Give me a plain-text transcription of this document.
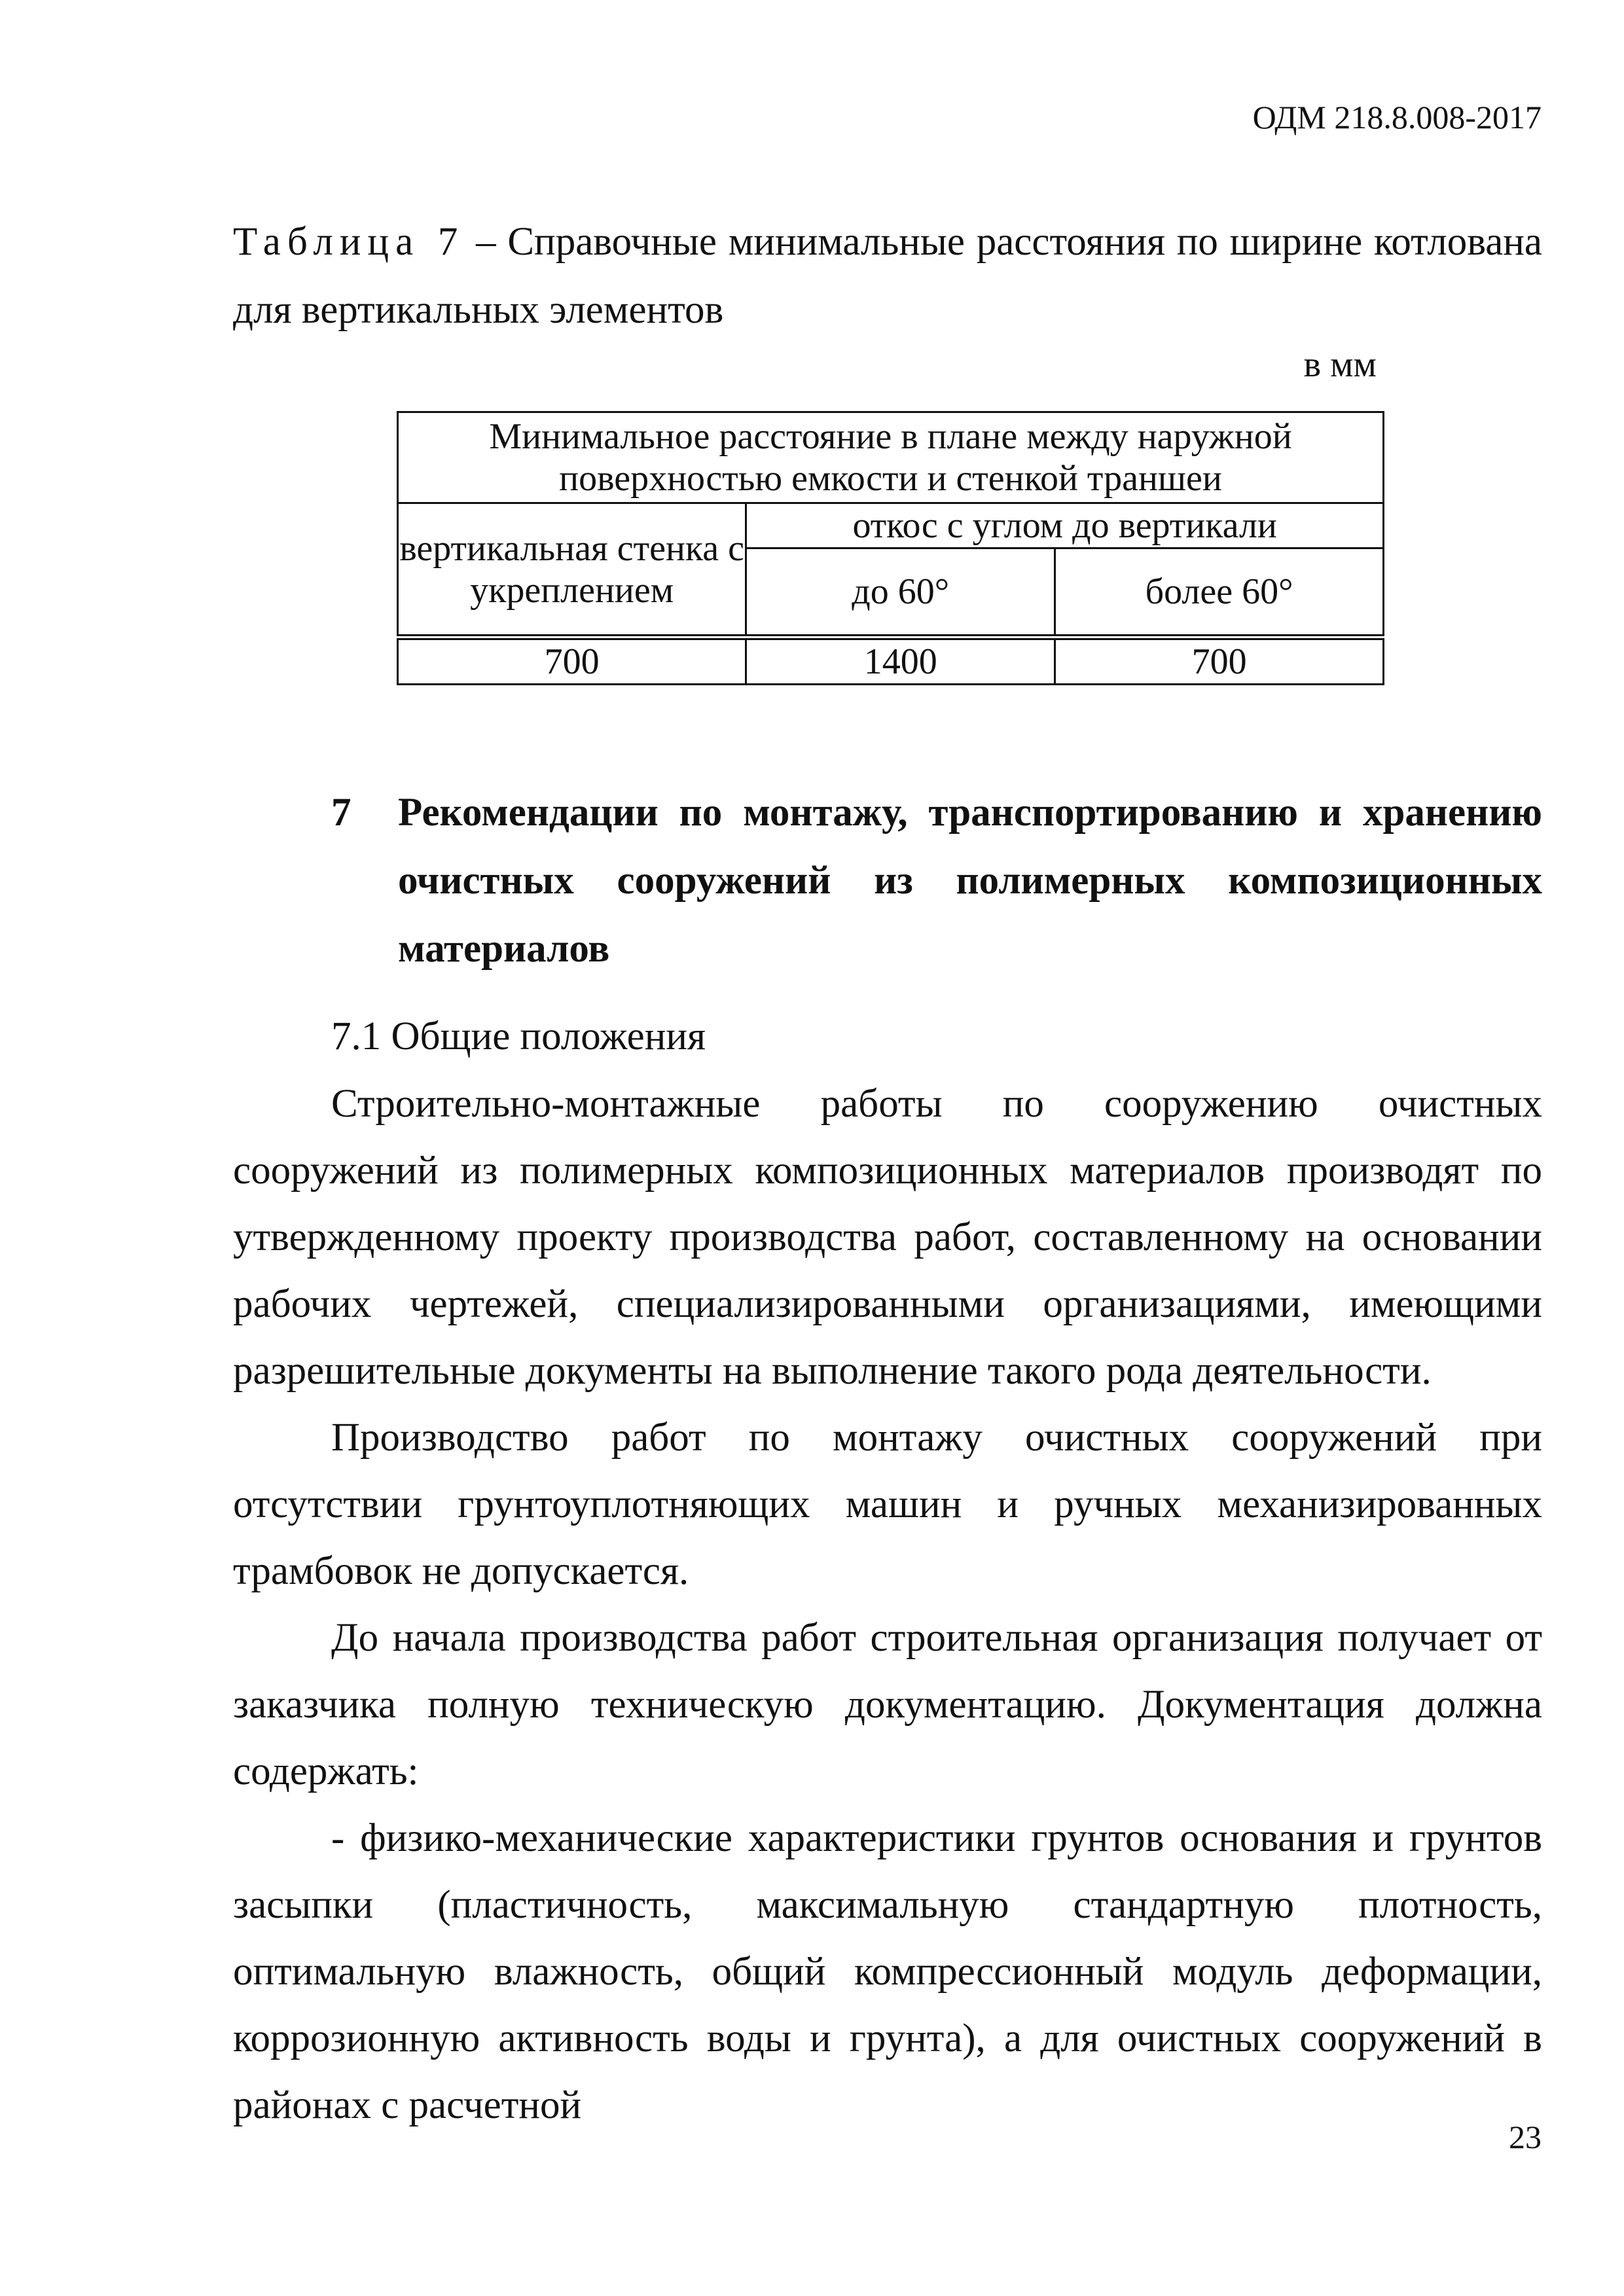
ОДМ 218.8.008-2017
Таблица 7 – Справочные минимальные расстояния по ширине котлована для вертикальных элементов
в мм
Минимальное расстояние в плане между наружной поверхностью емкости и стенкой траншеи		
вертикальная стенка с укреплением	откос с углом до вертикали	
	до 60°	более 60°
700	1400	700
7 Рекомендации по монтажу, транспортированию и хранению очистных сооружений из полимерных композиционных материалов
7.1 Общие положения

Строительно-монтажные работы по сооружению очистных сооружений из полимерных композиционных материалов производят по утвержденному проекту производства работ, составленному на основании рабочих чертежей, специализированными организациями, имеющими разрешительные документы на выполнение такого рода деятельности.

Производство работ по монтажу очистных сооружений при отсутствии грунтоуплотняющих машин и ручных механизированных трамбовок не допускается.

До начала производства работ строительная организация получает от заказчика полную техническую документацию. Документация должна содержать:

- физико-механические характеристики грунтов основания и грунтов засыпки (пластичность, максимальную стандартную плотность, оптимальную влажность, общий компрессионный модуль деформации, коррозионную активность воды и грунта), а для очистных сооружений в районах с расчетной

23
